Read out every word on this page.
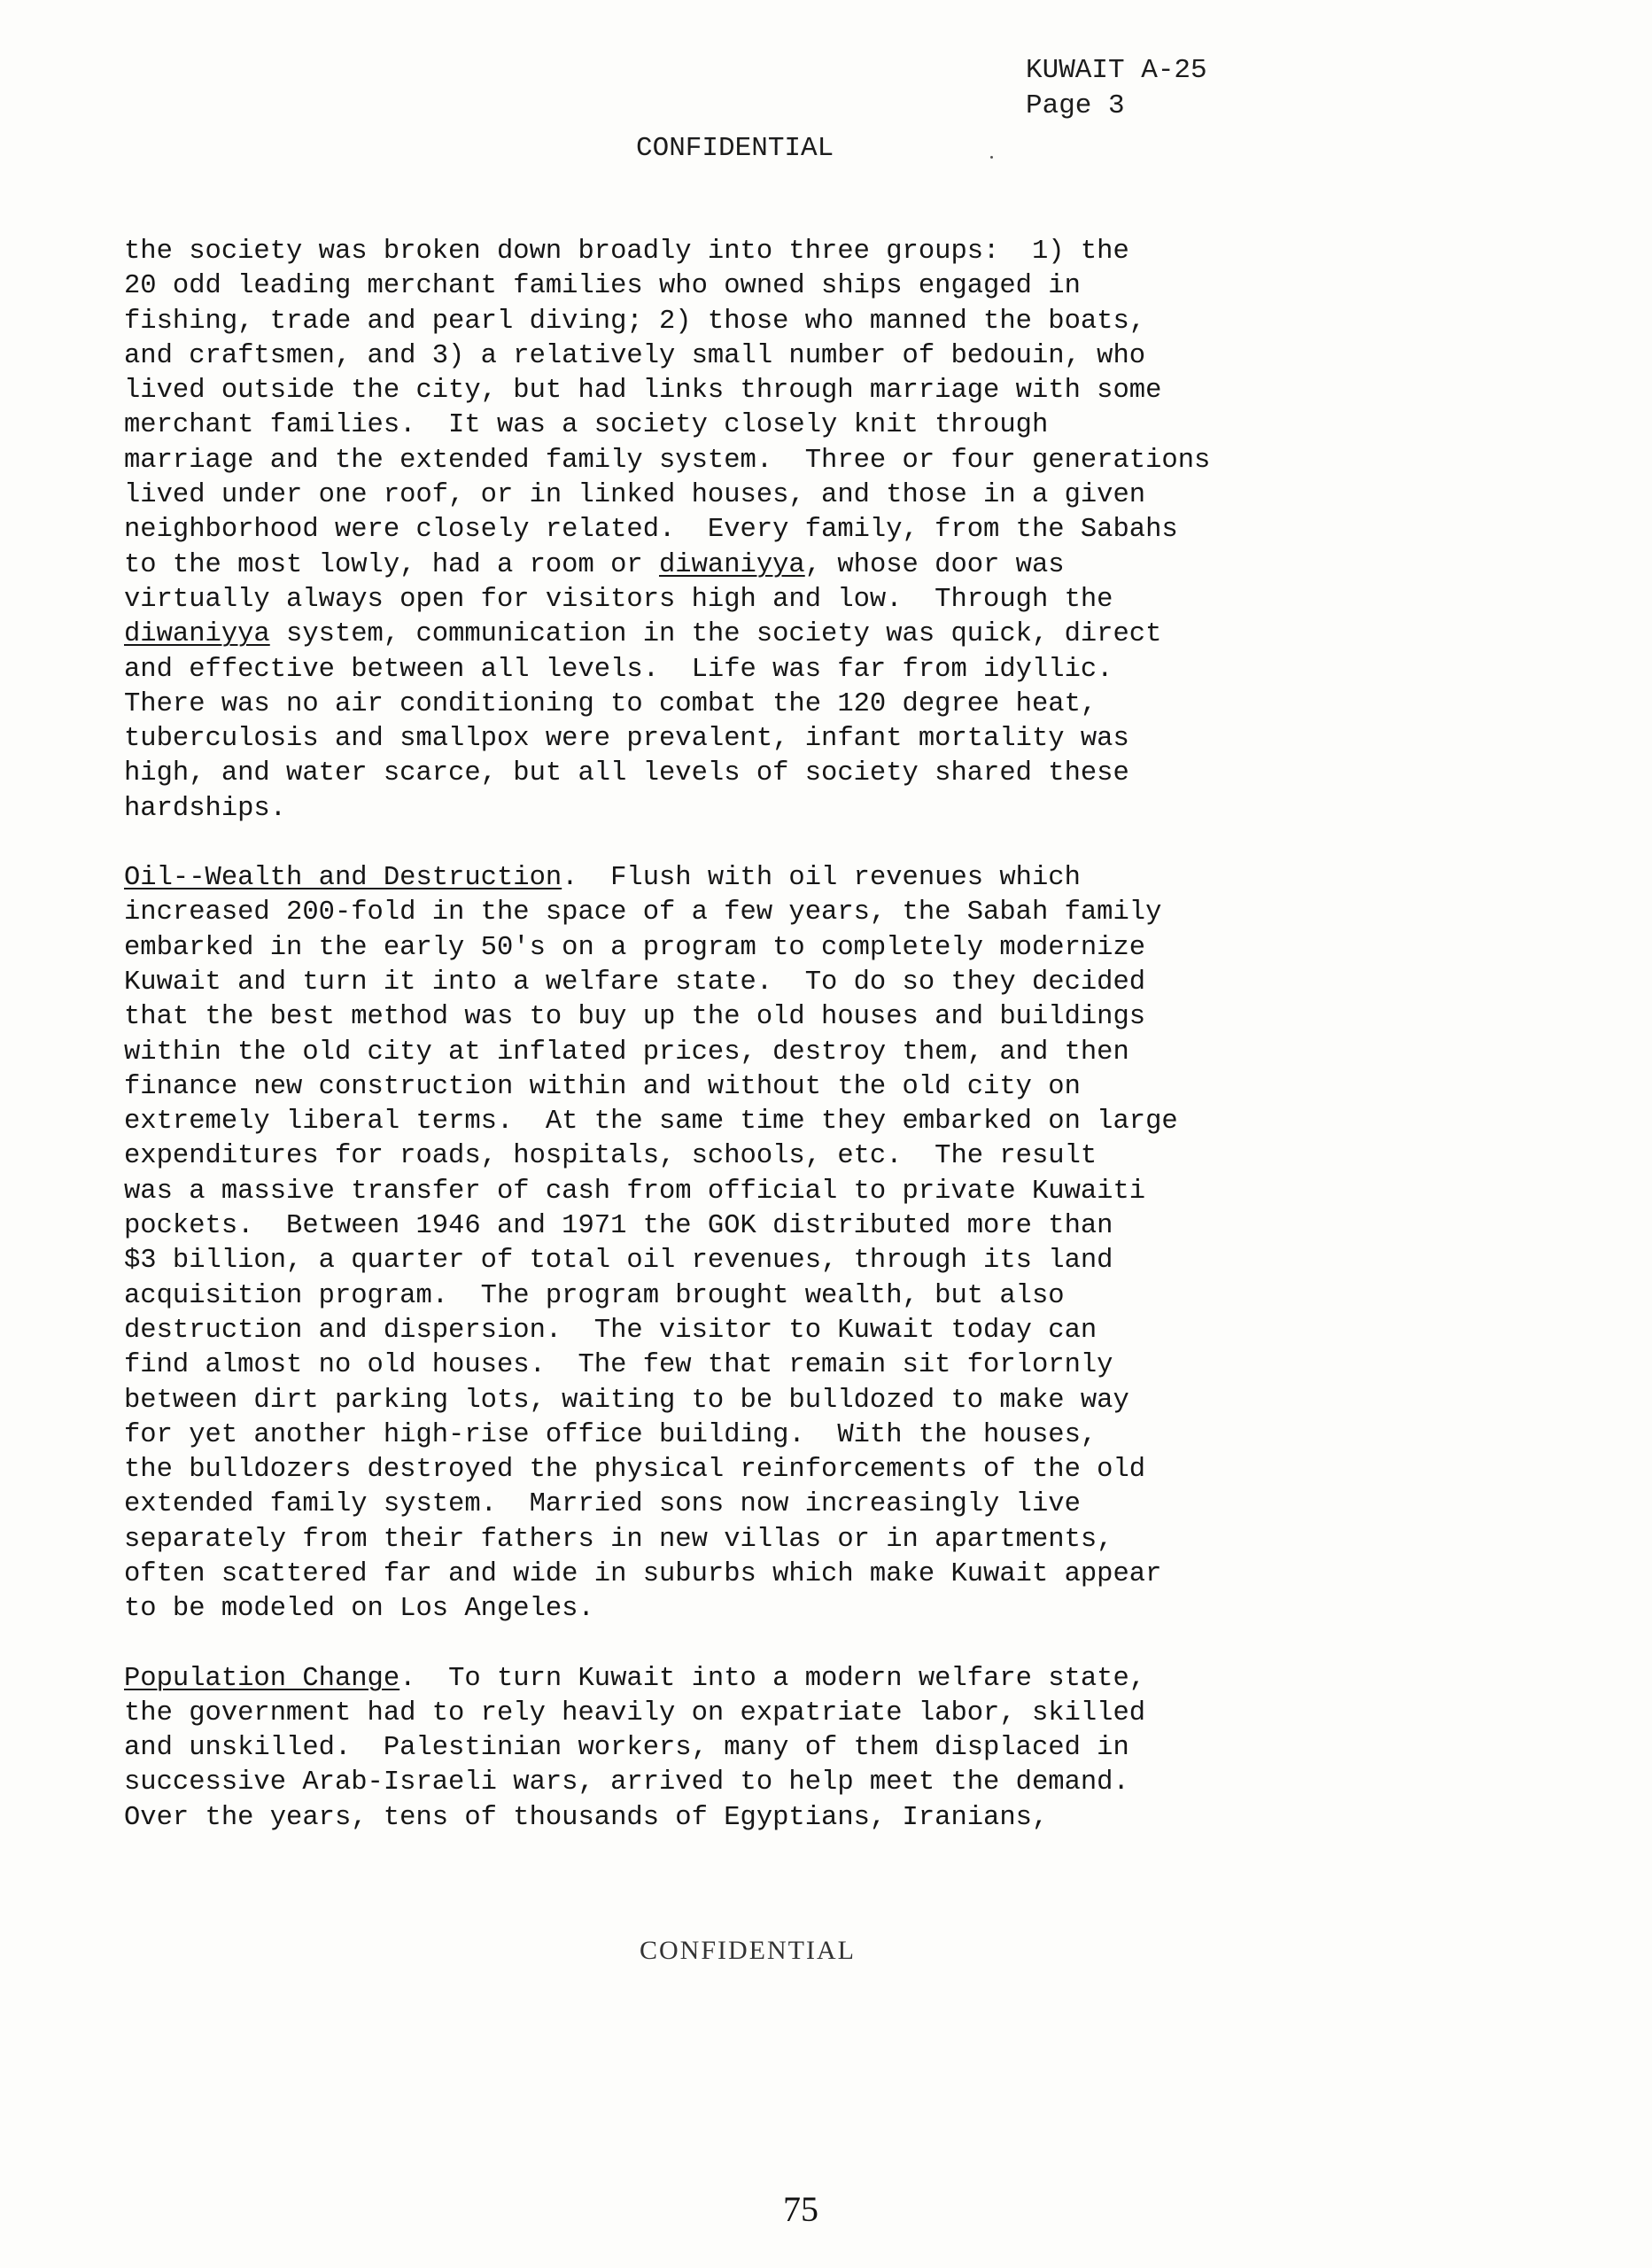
KUWAIT A-25
Page 3
CONFIDENTIAL
the society was broken down broadly into three groups:  1) the
20 odd leading merchant families who owned ships engaged in
fishing, trade and pearl diving; 2) those who manned the boats,
and craftsmen, and 3) a relatively small number of bedouin, who
lived outside the city, but had links through marriage with some
merchant families.  It was a society closely knit through
marriage and the extended family system.  Three or four generations
lived under one roof, or in linked houses, and those in a given
neighborhood were closely related.  Every family, from the Sabahs
to the most lowly, had a room or diwaniyya, whose door was
virtually always open for visitors high and low.  Through the
diwaniyya system, communication in the society was quick, direct
and effective between all levels.  Life was far from idyllic.
There was no air conditioning to combat the 120 degree heat,
tuberculosis and smallpox were prevalent, infant mortality was
high, and water scarce, but all levels of society shared these
hardships.
Oil--Wealth and Destruction.  Flush with oil revenues which
increased 200-fold in the space of a few years, the Sabah family
embarked in the early 50's on a program to completely modernize
Kuwait and turn it into a welfare state.  To do so they decided
that the best method was to buy up the old houses and buildings
within the old city at inflated prices, destroy them, and then
finance new construction within and without the old city on
extremely liberal terms.  At the same time they embarked on large
expenditures for roads, hospitals, schools, etc.  The result
was a massive transfer of cash from official to private Kuwaiti
pockets.  Between 1946 and 1971 the GOK distributed more than
$3 billion, a quarter of total oil revenues, through its land
acquisition program.  The program brought wealth, but also
destruction and dispersion.  The visitor to Kuwait today can
find almost no old houses.  The few that remain sit forlornly
between dirt parking lots, waiting to be bulldozed to make way
for yet another high-rise office building.  With the houses,
the bulldozers destroyed the physical reinforcements of the old
extended family system.  Married sons now increasingly live
separately from their fathers in new villas or in apartments,
often scattered far and wide in suburbs which make Kuwait appear
to be modeled on Los Angeles.
Population Change.  To turn Kuwait into a modern welfare state,
the government had to rely heavily on expatriate labor, skilled
and unskilled.  Palestinian workers, many of them displaced in
successive Arab-Israeli wars, arrived to help meet the demand.
Over the years, tens of thousands of Egyptians, Iranians,
CONFIDENTIAL
75
